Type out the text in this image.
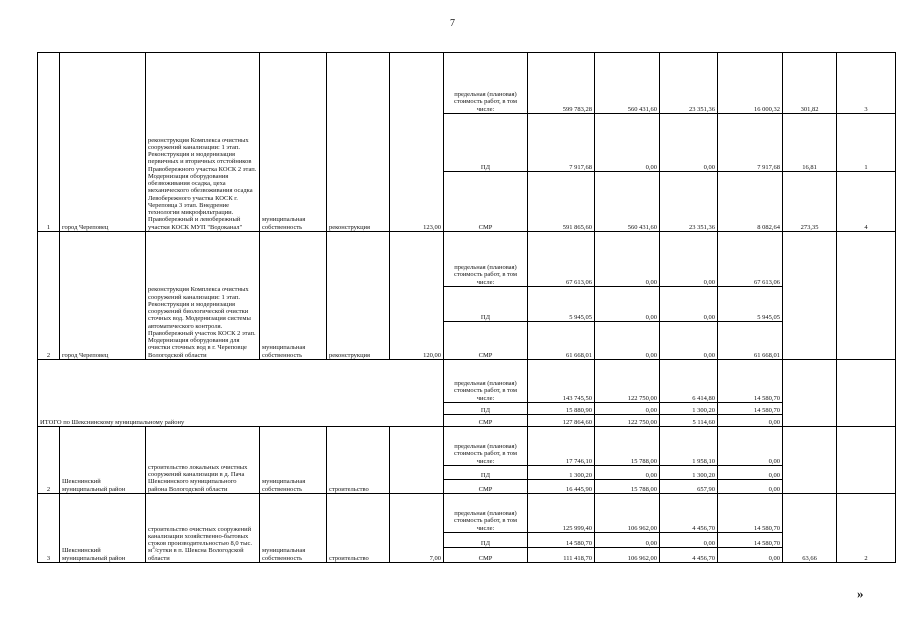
7
1	город Череповец	реконструкция Комплекса очистных сооружений канализации: 1 этап. Реконструкция и модернизация первичных и вторичных отстойников Правобережного участка КОСК 2 этап. Модернизация оборудования обезвоживания осадка, цеха механического обезвоживания осадка Левобережного участка КОСК г. Череповца 3 этап. Внедрение технологии микрофильтрации. Правобережный и левобережный участки КОСК МУП "Водоканал"	муниципальная собственность	реконструкция	123,00	предельная (плановая) стоимость работ, в том числе:	599 783,28	560 431,60	23 351,36	16 000,32	301,82	3
						ПД	7 917,68	0,00	0,00	7 917,68	16,81	1
						СМР	591 865,60	560 431,60	23 351,36	8 082,64	273,35	4
2	город Череповец	реконструкция Комплекса очистных сооружений канализации: 1 этап. Реконструкция и модернизация сооружений биологической очистки сточных вод. Модернизация системы автоматического контроля. Правобережный участок КОСК 2 этап. Модернизация оборудования для очистки сточных вод в г. Череповце Вологодской области	муниципальная собственность	реконструкция	120,00	предельная (плановая) стоимость работ, в том числе:	67 613,06	0,00	0,00	67 613,06		
						ПД	5 945,05	0,00	0,00	5 945,05		
						СМР	61 668,01	0,00	0,00	61 668,01		
ИТОГО по Шекснинскому муниципальному району						предельная (плановая) стоимость работ, в том числе:	143 745,50	122 750,00	6 414,80	14 580,70		
						ПД	15 880,90	0,00	1 300,20	14 580,70		
						СМР	127 864,60	122 750,00	5 114,60	0,00		
2	Шекснинский муниципальный район	строительство локальных очистных сооружений канализации в д. Пача Шекснинского муниципального района Вологодской области	муниципальная собственность	строительство		предельная (плановая) стоимость работ, в том числе:	17 746,10	15 788,00	1 958,10	0,00		
						ПД	1 300,20	0,00	1 300,20	0,00		
						СМР	16 445,90	15 788,00	657,90	0,00		
3	Шекснинский муниципальный район	строительство очистных сооружений канализации хозяйственно-бытовых стоков производительностью 8,0 тыс. $м^3$/сутки в п. Шексна Вологодской области	муниципальная собственность	строительство	7,00	предельная (плановая) стоимость работ, в том числе:	125 999,40	106 962,00	4 456,70	14 580,70	63,66	2
						ПД	14 580,70	0,00	0,00	14 580,70		
						СМР	111 418,70	106 962,00	4 456,70	0,00		
»
